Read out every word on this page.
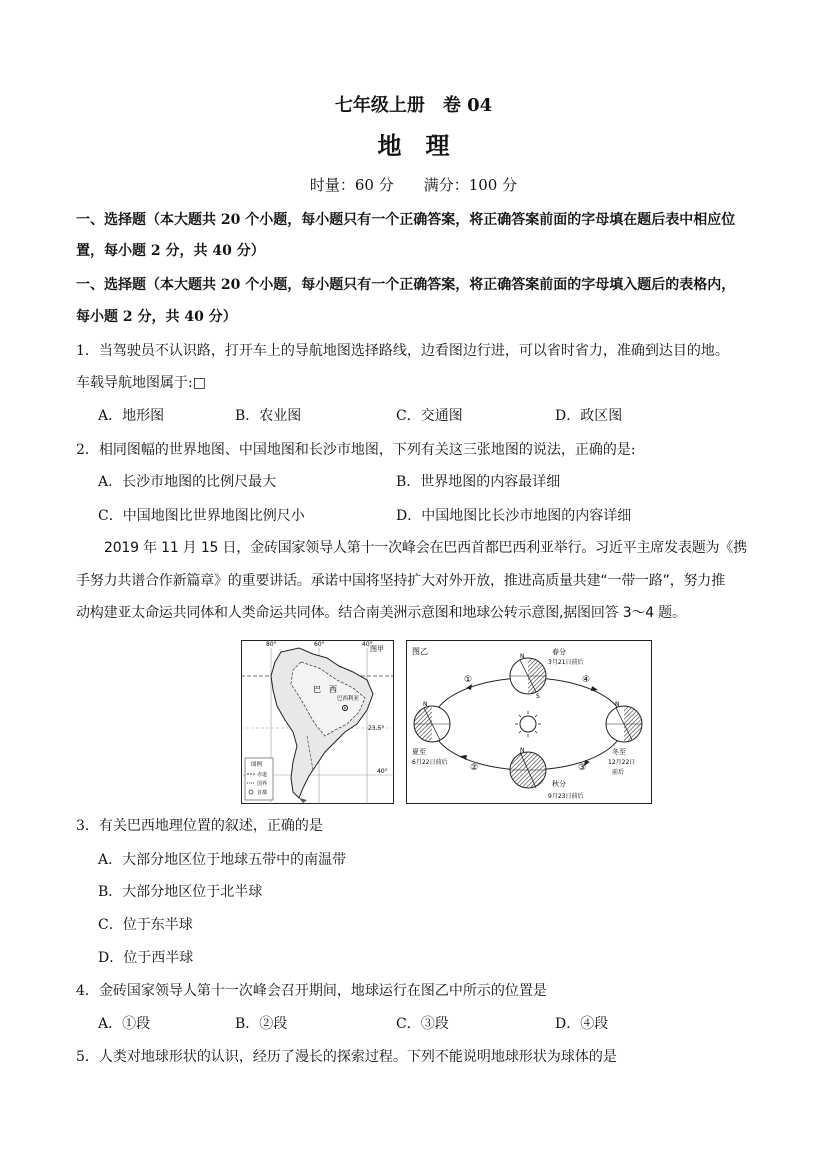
七年级上册　卷 04
地　理
时量：60 分　　满分：100 分
一、选择题（本大题共 20 个小题，每小题只有一个正确答案，将正确答案前面的字母填在题后表中相应位
置，每小题 2 分，共 40 分）
一、选择题（本大题共 20 个小题，每小题只有一个正确答案，将正确答案前面的字母填入题后的表格内，
每小题 2 分，共 40 分）
1．当驾驶员不认识路，打开车上的导航地图选择路线，边看图边行进，可以省时省力，准确到达目的地。
车载导航地图属于:□
A．地形图	B．农业图	C．交通图	D．政区图
2．相同图幅的世界地图、中国地图和长沙市地图，下列有关这三张地图的说法，正确的是:
A．长沙市地图的比例尺最大	B．世界地图的内容最详细
C．中国地图比世界地图比例尺小	D．中国地图比长沙市地图的内容详细
2019 年 11 月 15 日，金砖国家领导人第十一次峰会在巴西首都巴西利亚举行。习近平主席发表题为《携
手努力共谱合作新篇章》的重要讲话。承诺中国将坚持扩大对外开放，推进高质量共建“一带一路”，努力推
动构建亚太命运共同体和人类命运共同体。结合南美洲示意图和地球公转示意图,据图回答 3～4 题。
80°	60°	40°
图甲
巴　西
巴西利亚
23.5°
40°
图例
赤道
国界
首都
图乙
N
N	N
N
S
春分
3月21日前后
夏至
6月22日前后
秋分
9月23日前后
冬至
12月22日
前后
①
②	③
④
3．有关巴西地理位置的叙述，正确的是
A．大部分地区位于地球五带中的南温带
B．大部分地区位于北半球
C．位于东半球
D．位于西半球
4．金砖国家领导人第十一次峰会召开期间，地球运行在图乙中所示的位置是
A．①段	B．②段	C．③段	D．④段
5．人类对地球形状的认识，经历了漫长的探索过程。下列不能说明地球形状为球体的是
